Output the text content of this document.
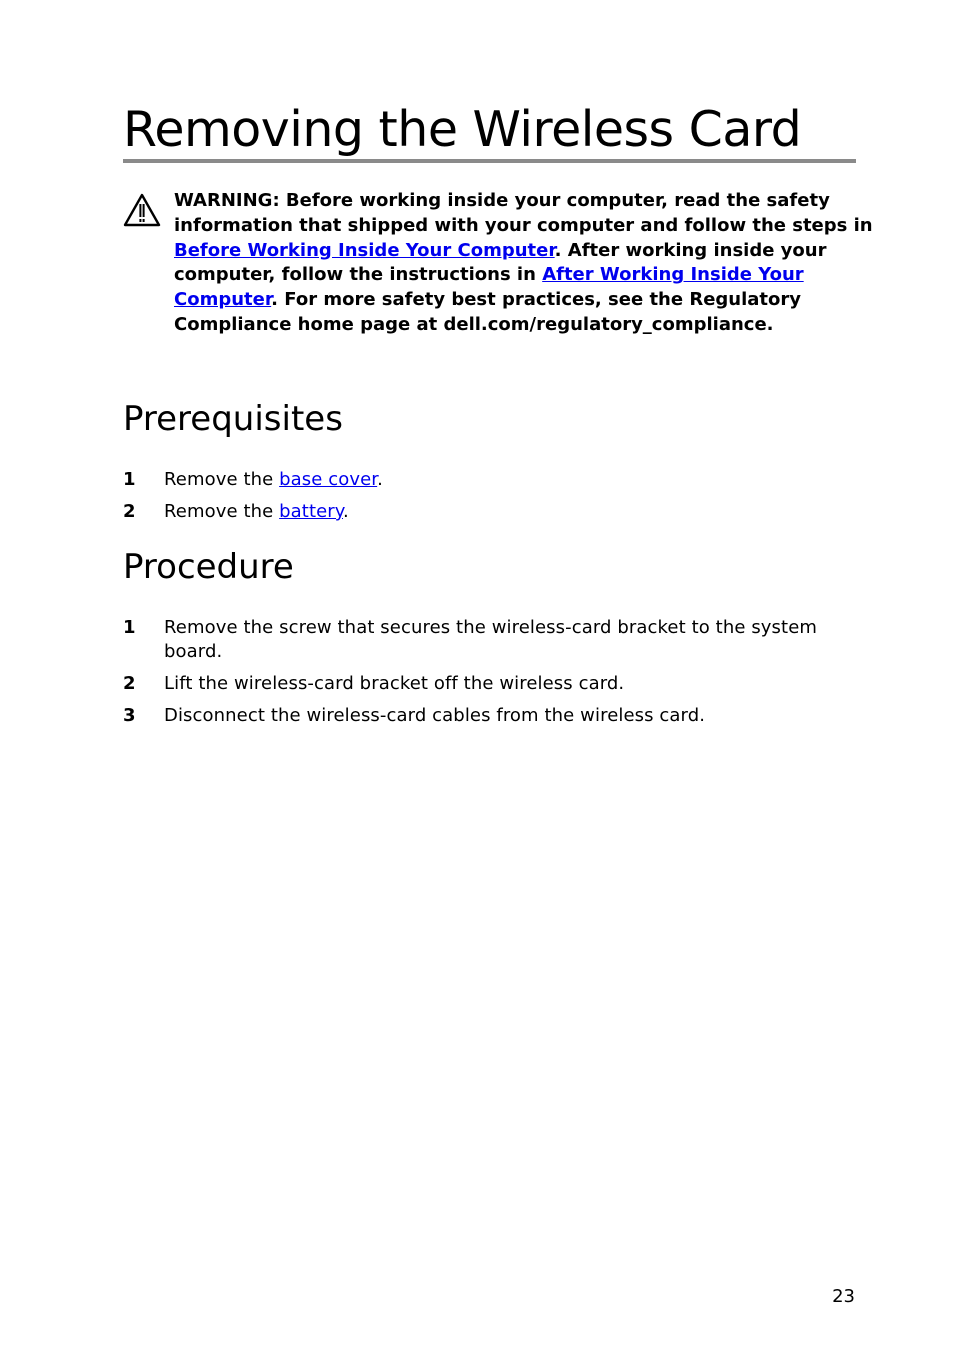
Removing the Wireless Card

WARNING: Before working inside your computer, read the safety

information that shipped with your computer and follow the steps in

Before Working Inside Your Computer. After working inside your

computer, follow the instructions in After Working Inside Your

Computer. For more safety best practices, see the Regulatory

Compliance home page at dell.com/regulatory_compliance.

Prerequisites
1 Remove the base cover.
2 Remove the battery.
Procedure
1 Remove the screw that secures the wireless-card bracket to the system
board.
2 Lift the wireless-card bracket off the wireless card.
3 Disconnect the wireless-card cables from the wireless card.
23
